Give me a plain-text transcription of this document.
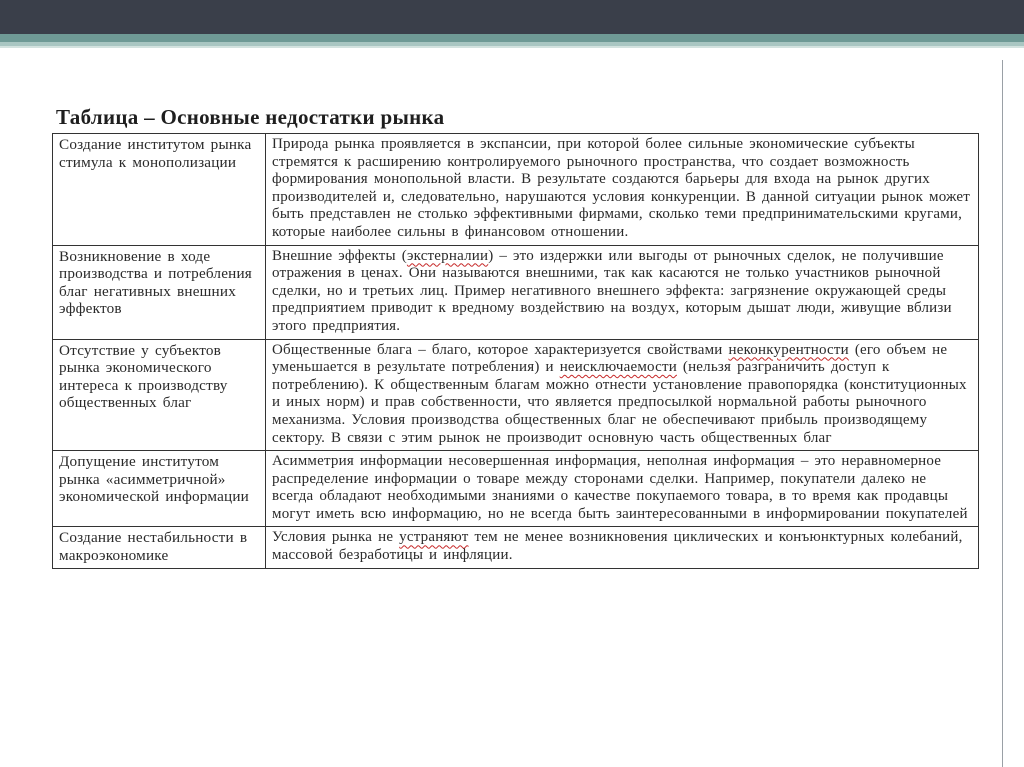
Таблица – Основные недостатки рынка
Создание институтом рынка стимула к монополизации	Природа рынка проявляется в экспансии, при которой более сильные экономические субъекты стремятся к расширению контролируемого рыночного пространства, что создает возможность формирования монопольной власти. В результате создаются барьеры для входа на рынок других производителей и, следовательно, нарушаются условия конкуренции. В данной ситуации рынок может быть представлен не столько эффективными фирмами, сколько теми предпринимательскими кругами, которые наиболее сильны в финансовом отношении.
Возникновение в ходе производства и потребления благ негативных внешних эффектов	Внешние эффекты (экстерналии) – это издержки или выгоды от рыночных сделок, не получившие отражения в ценах. Они называются внешними, так как касаются не только участников рыночной сделки, но и третьих лиц. Пример негативного внешнего эффекта: загрязнение окружающей среды предприятием приводит к вредному воздействию на воздух, которым дышат люди, живущие вблизи этого предприятия.
Отсутствие у субъектов рынка экономического интереса к производству общественных благ	Общественные блага – благо, которое характеризуется свойствами неконкурентности (его объем не уменьшается в результате потребления) и неисключаемости (нельзя разграничить доступ к потреблению). К общественным благам можно отнести установление правопорядка (конституционных и иных норм) и прав собственности, что является предпосылкой нормальной работы рыночного механизма. Условия производства общественных благ не обеспечивают прибыль производящему сектору. В связи с этим рынок не производит основную часть общественных благ
Допущение институтом рынка «асимметричной» экономической информации	Асимметрия информации несовершенная информация, неполная информация – это неравномерное распределение информации о товаре между сторонами сделки. Например, покупатели далеко не всегда обладают необходимыми знаниями о качестве покупаемого товара, в то время как продавцы могут иметь всю информацию, но не всегда быть заинтересованными в информировании покупателей
Создание нестабильности в макроэкономике	Условия рынка не устраняют тем не менее возникновения циклических и конъюнктурных колебаний, массовой безработицы и инфляции.
